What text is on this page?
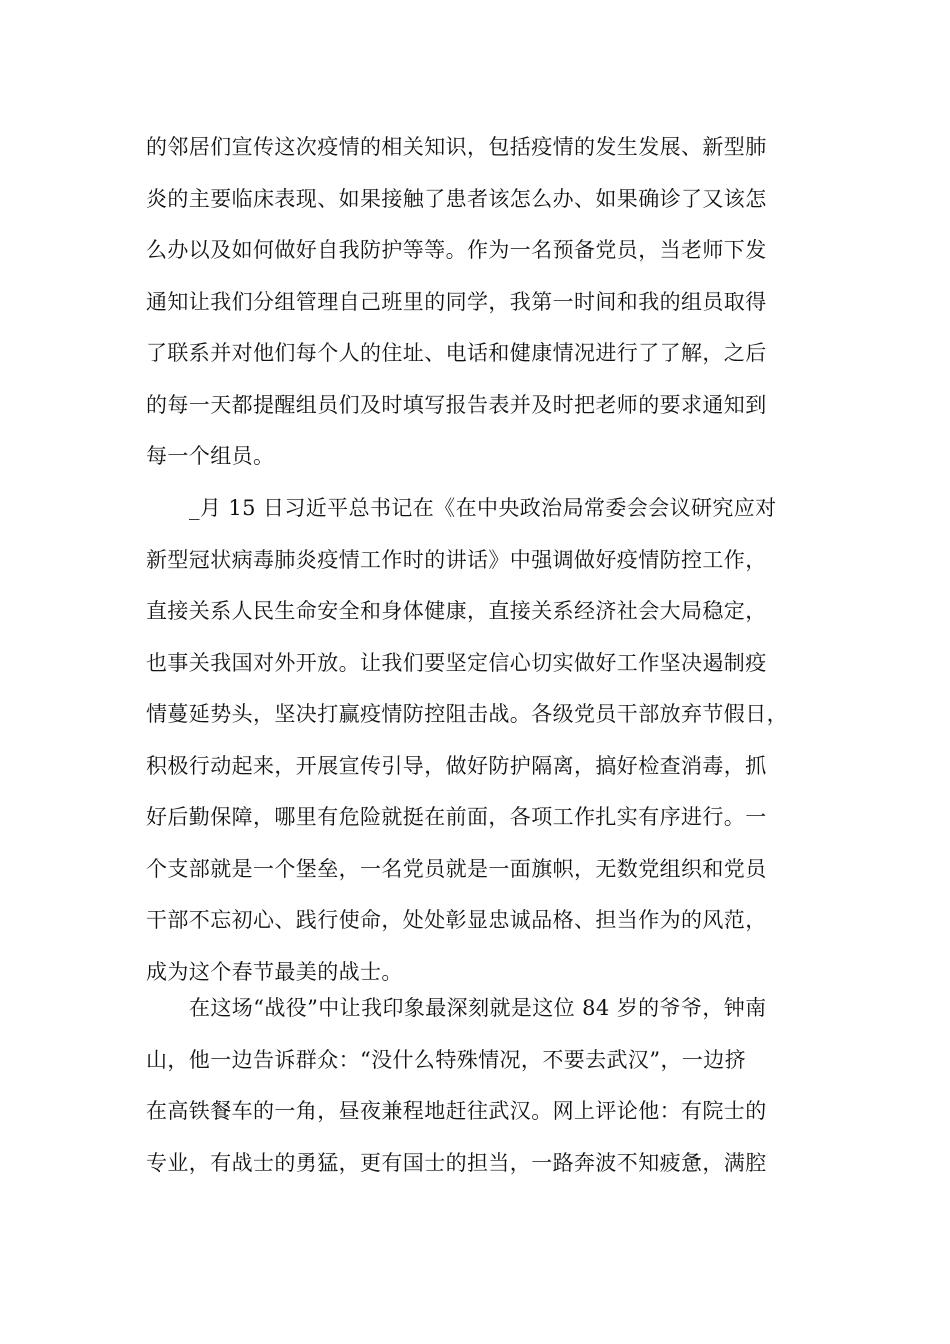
的邻居们宣传这次疫情的相关知识，包括疫情的发生发展、新型肺
炎的主要临床表现、如果接触了患者该怎么办、如果确诊了又该怎
么办以及如何做好自我防护等等。作为一名预备党员，当老师下发
通知让我们分组管理自己班里的同学，我第一时间和我的组员取得
了联系并对他们每个人的住址、电话和健康情况进行了了解，之后
的每一天都提醒组员们及时填写报告表并及时把老师的要求通知到
每一个组员。
_月 15 日习近平总书记在《在中央政治局常委会会议研究应对
新型冠状病毒肺炎疫情工作时的讲话》中强调做好疫情防控工作，
直接关系人民生命安全和身体健康，直接关系经济社会大局稳定，
也事关我国对外开放。让我们要坚定信心切实做好工作坚决遏制疫
情蔓延势头，坚决打赢疫情防控阻击战。各级党员干部放弃节假日，
积极行动起来，开展宣传引导，做好防护隔离，搞好检查消毒，抓
好后勤保障，哪里有危险就挺在前面，各项工作扎实有序进行。一
个支部就是一个堡垒，一名党员就是一面旗帜，无数党组织和党员
干部不忘初心、践行使命，处处彰显忠诚品格、担当作为的风范，
成为这个春节最美的战士。
在这场“战役”中让我印象最深刻就是这位 84 岁的爷爷，钟南
山，他一边告诉群众：“没什么特殊情况，不要去武汉”，一边挤
在高铁餐车的一角，昼夜兼程地赶往武汉。网上评论他：有院士的
专业，有战士的勇猛，更有国士的担当，一路奔波不知疲惫，满腔
